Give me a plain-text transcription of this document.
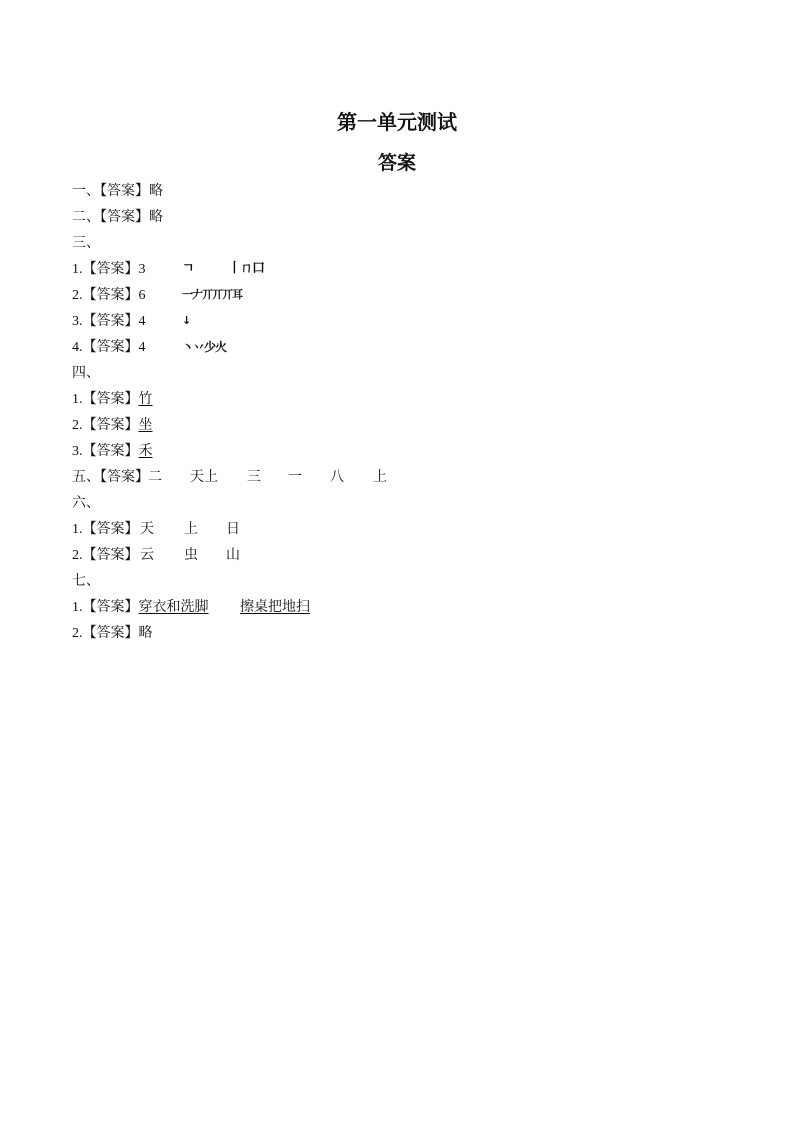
第一单元测试
答案
一、【答案】略
二、【答案】略
三、
1.【答案】3	ㄱ	丨ㄇ口
2.【答案】6	一𠂇丌丌丌耳
3.【答案】4	↓
4.【答案】4	丶丷少火
四、
1.【答案】竹
2.【答案】坐
3.【答案】禾
五、【答案】 二 天上 三 一 八 上
六、
1.【答案】 天 上 日
2.【答案】 云 虫 山
七、
1.【答案】穿衣和洗脚 擦桌把地扫
2.【答案】略
